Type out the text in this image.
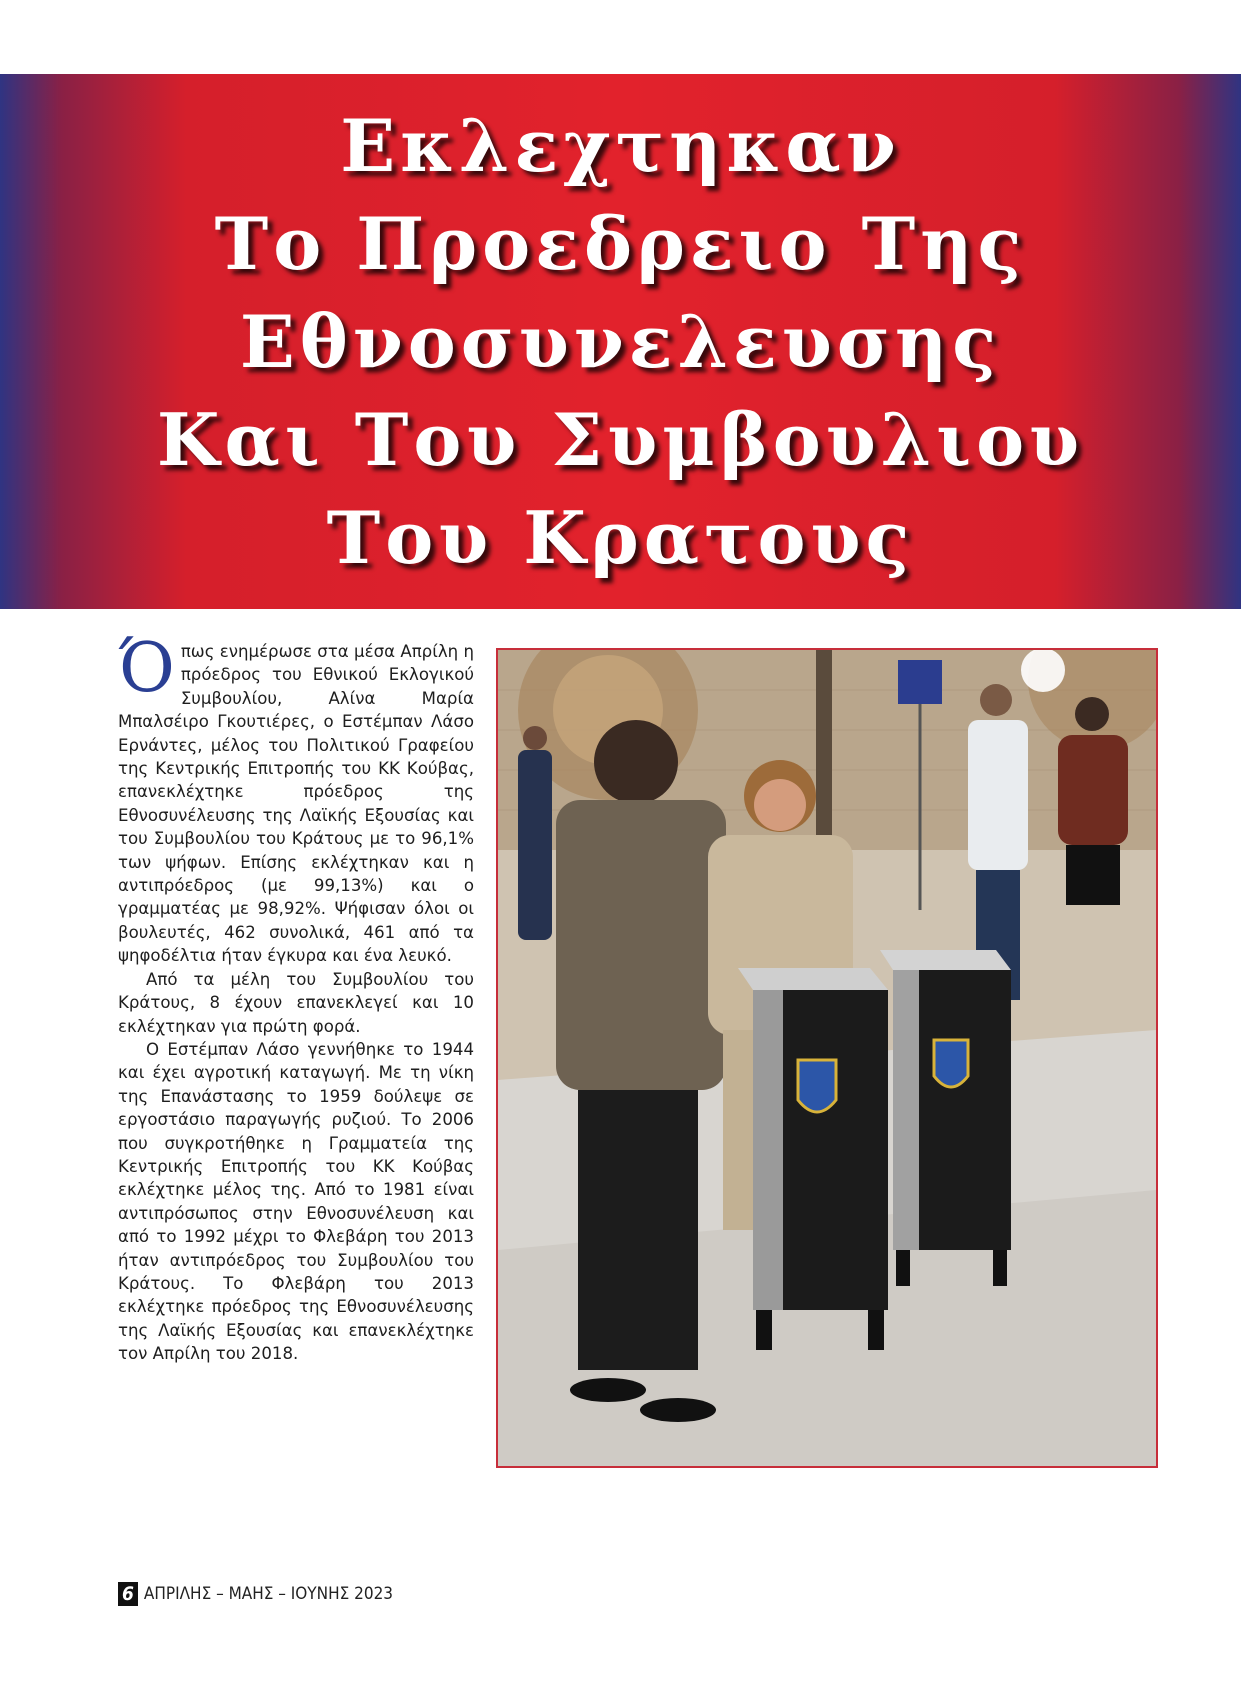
Εκλεχτηκαν
Το Προεδρειο Της
Εθνοσυνελευσης
Και Του Συμβουλιου
Του Κρατους

Όπως ενημέρωσε στα μέσα Απρίλη η πρόεδρος του Εθνικού Εκλογικού Συμβουλίου, Αλίνα Μαρία Μπαλσέιρο Γκουτιέρες, ο Εστέμπαν Λάσο Ερνάντες, μέλος του Πολιτικού Γραφείου της Κεντρικής Επιτροπής του ΚΚ Κούβας, επανεκλέχτηκε πρόεδρος της Εθνοσυνέλευσης της Λαϊκής Εξουσίας και του Συμβουλίου του Κράτους με το 96,1% των ψήφων. Επίσης εκλέχτηκαν και η αντιπρόεδρος (με 99,13%) και ο γραμματέας με 98,92%. Ψήφισαν όλοι οι βουλευτές, 462 συνολικά, 461 από τα ψηφοδέλτια ήταν έγκυρα και ένα λευκό.

Από τα μέλη του Συμβουλίου του Κράτους, 8 έχουν επανεκλεγεί και 10 εκλέχτηκαν για πρώτη φορά.

Ο Εστέμπαν Λάσο γεννήθηκε το 1944 και έχει αγροτική καταγωγή. Με τη νίκη της Επανάστασης το 1959 δούλεψε σε εργοστάσιο παραγωγής ρυζιού. Το 2006 που συγκροτήθηκε η Γραμματεία της Κεντρικής Επιτροπής του ΚΚ Κούβας εκλέχτηκε μέλος της. Από το 1981 είναι αντιπρόσωπος στην Εθνοσυνέλευση και από το 1992 μέχρι το Φλεβάρη του 2013 ήταν αντιπρόεδρος του Συμβουλίου του Κράτους. Το Φλεβάρη του 2013 εκλέχτηκε πρόεδρος της Εθνοσυνέλευσης της Λαϊκής Εξουσίας και επανεκλέχτηκε τον Απρίλη του 2018.

6 ΑΠΡΙΛΗΣ – ΜΑΗΣ – ΙΟΥΝΗΣ 2023
